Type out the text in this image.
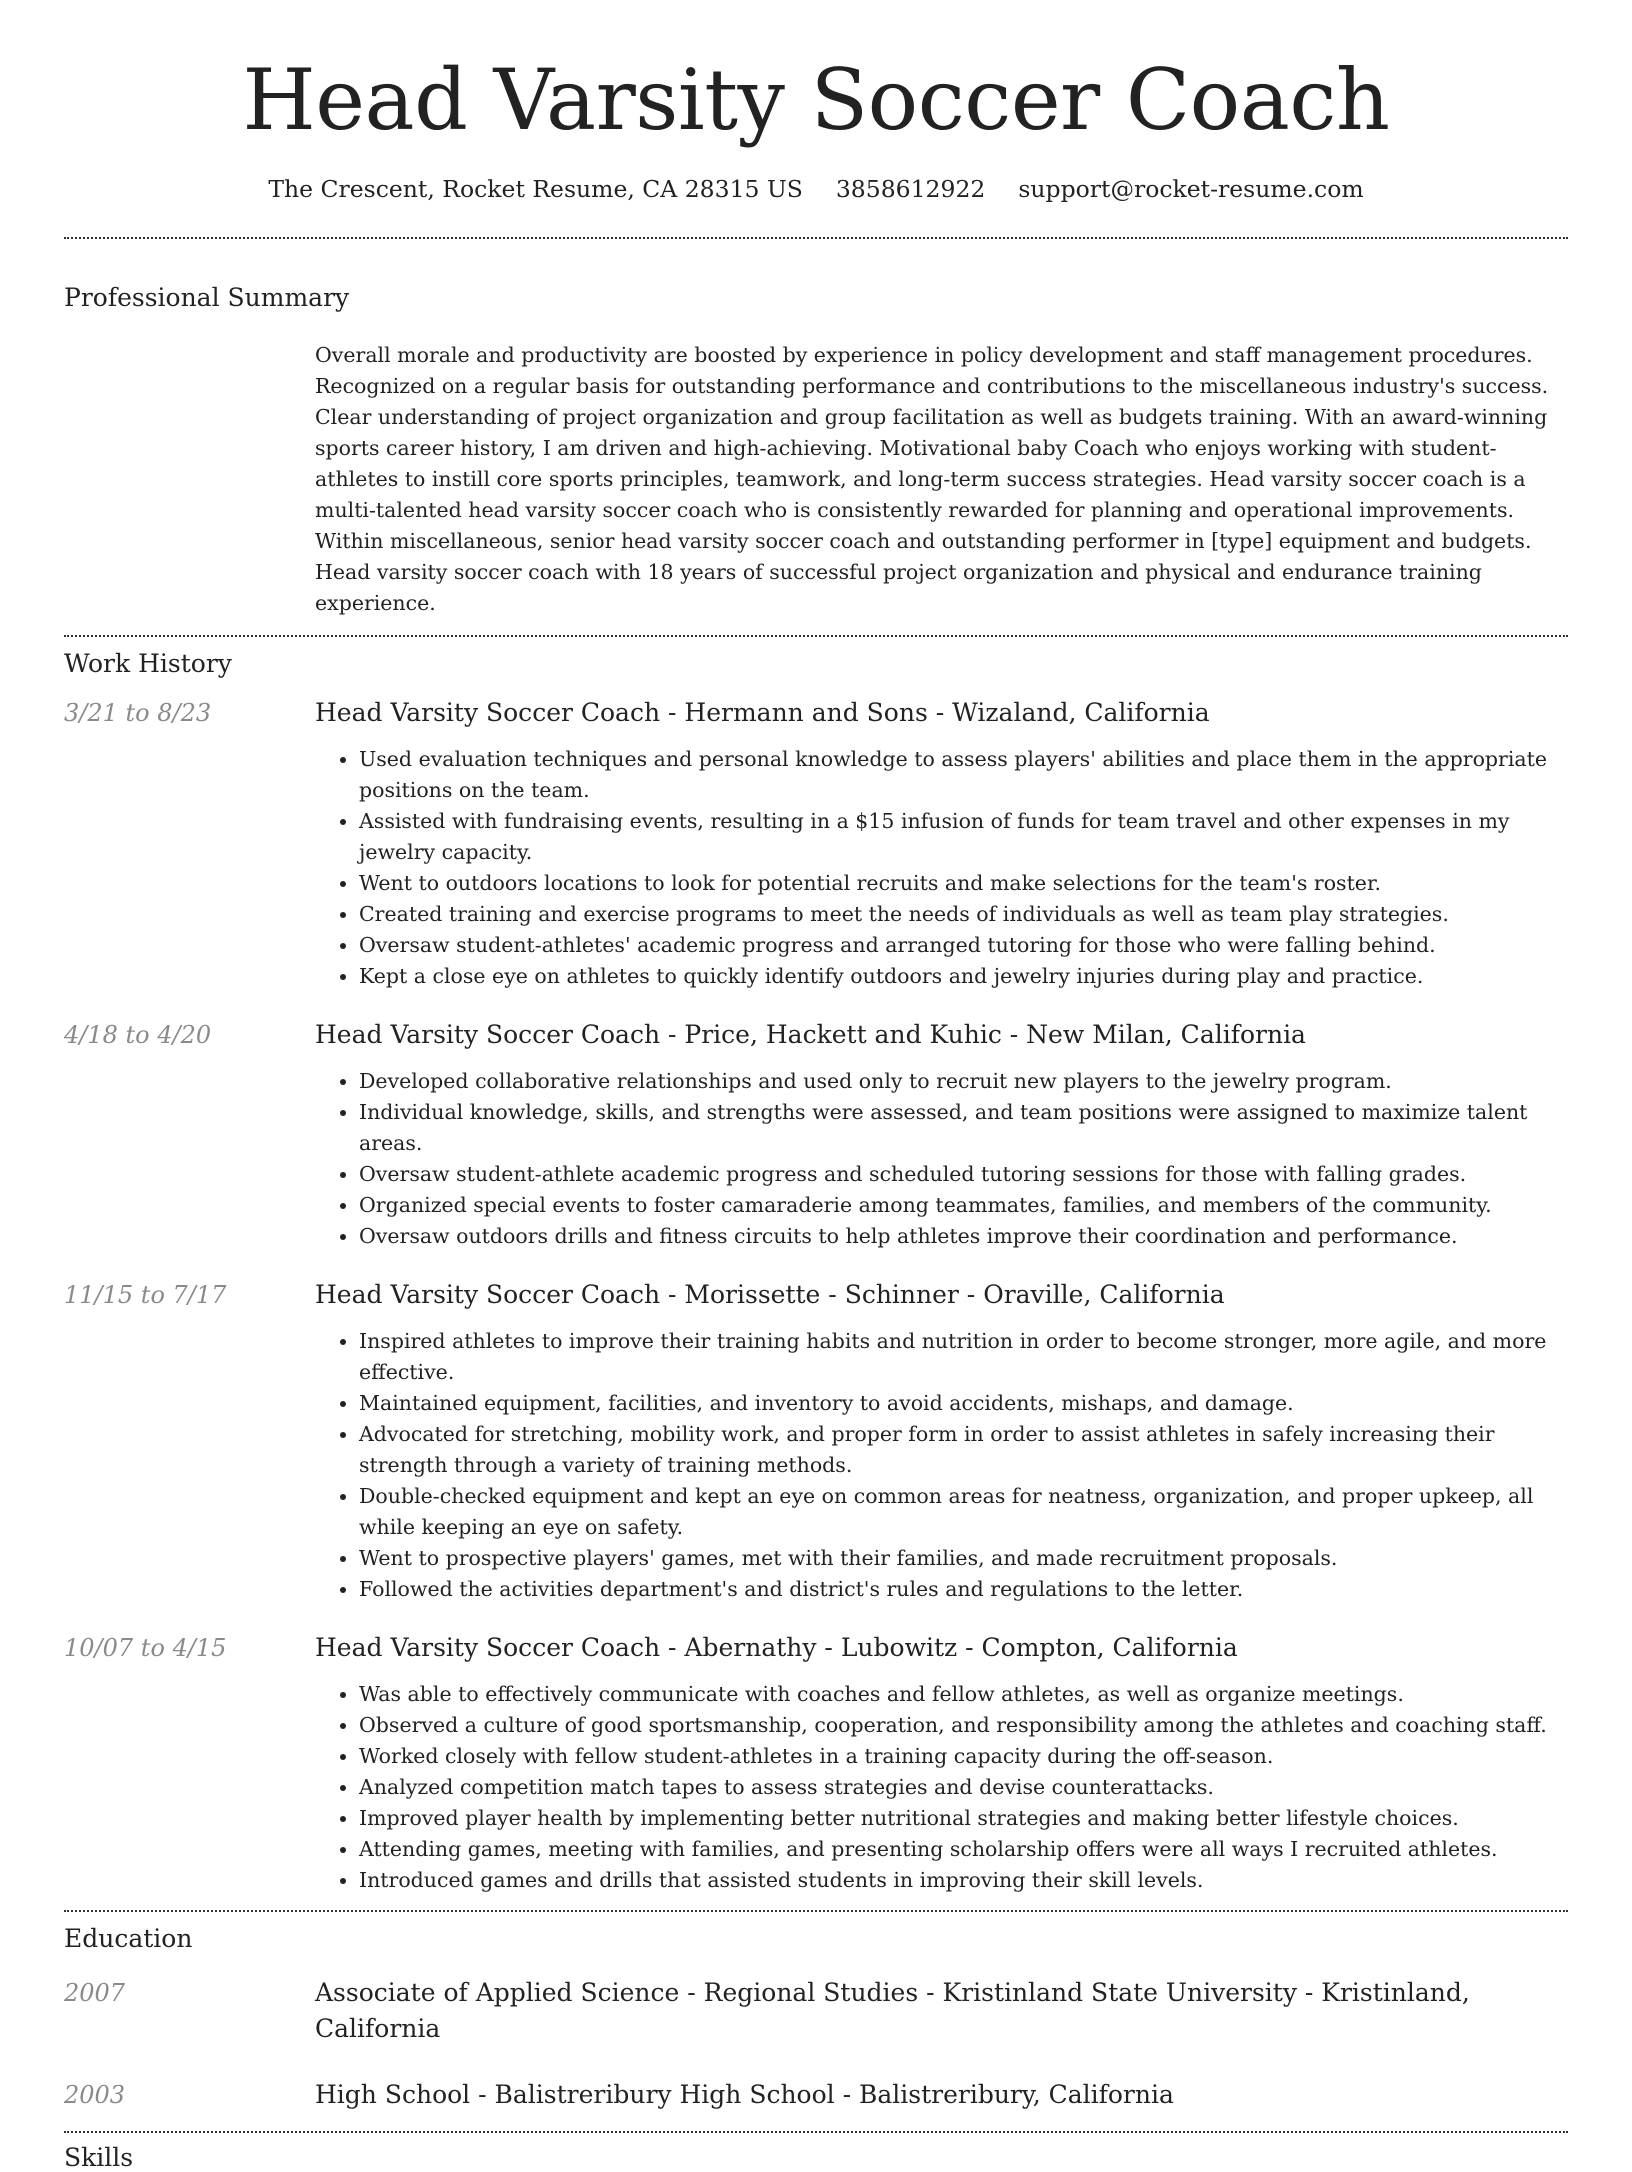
Head Varsity Soccer Coach
The Crescent, Rocket Resume, CA 28315 US 3858612922 support@rocket-resume.com
Professional Summary

Overall morale and productivity are boosted by experience in policy development and staff management procedures. Recognized on a regular basis for outstanding performance and contributions to the miscellaneous industry's success. Clear understanding of project organization and group facilitation as well as budgets training. With an award-winning sports career history, I am driven and high-achieving. Motivational baby Coach who enjoys working with student-athletes to instill core sports principles, teamwork, and long-term success strategies. Head varsity soccer coach is a multi-talented head varsity soccer coach who is consistently rewarded for planning and operational improvements. Within miscellaneous, senior head varsity soccer coach and outstanding performer in [type] equipment and budgets. Head varsity soccer coach with 18 years of successful project organization and physical and endurance training experience.

Work History
3/21 to 8/23	Head Varsity Soccer Coach - Hermann and Sons - Wizaland, California
• Used evaluation techniques and personal knowledge to assess players' abilities and place them in the appropriate positions on the team.
• Assisted with fundraising events, resulting in a $15 infusion of funds for team travel and other expenses in my jewelry capacity.
• Went to outdoors locations to look for potential recruits and make selections for the team's roster.
• Created training and exercise programs to meet the needs of individuals as well as team play strategies.
• Oversaw student-athletes' academic progress and arranged tutoring for those who were falling behind.
• Kept a close eye on athletes to quickly identify outdoors and jewelry injuries during play and practice.
4/18 to 4/20	Head Varsity Soccer Coach - Price, Hackett and Kuhic - New Milan, California
• Developed collaborative relationships and used only to recruit new players to the jewelry program.
• Individual knowledge, skills, and strengths were assessed, and team positions were assigned to maximize talent areas.
• Oversaw student-athlete academic progress and scheduled tutoring sessions for those with falling grades.
• Organized special events to foster camaraderie among teammates, families, and members of the community.
• Oversaw outdoors drills and fitness circuits to help athletes improve their coordination and performance.
11/15 to 7/17	Head Varsity Soccer Coach - Morissette - Schinner - Oraville, California
• Inspired athletes to improve their training habits and nutrition in order to become stronger, more agile, and more effective.
• Maintained equipment, facilities, and inventory to avoid accidents, mishaps, and damage.
• Advocated for stretching, mobility work, and proper form in order to assist athletes in safely increasing their strength through a variety of training methods.
• Double-checked equipment and kept an eye on common areas for neatness, organization, and proper upkeep, all while keeping an eye on safety.
• Went to prospective players' games, met with their families, and made recruitment proposals.
• Followed the activities department's and district's rules and regulations to the letter.
10/07 to 4/15	Head Varsity Soccer Coach - Abernathy - Lubowitz - Compton, California
• Was able to effectively communicate with coaches and fellow athletes, as well as organize meetings.
• Observed a culture of good sportsmanship, cooperation, and responsibility among the athletes and coaching staff.
• Worked closely with fellow student-athletes in a training capacity during the off-season.
• Analyzed competition match tapes to assess strategies and devise counterattacks.
• Improved player health by implementing better nutritional strategies and making better lifestyle choices.
• Attending games, meeting with families, and presenting scholarship offers were all ways I recruited athletes.
• Introduced games and drills that assisted students in improving their skill levels.
Education
2007	Associate of Applied Science - Regional Studies - Kristinland State University - Kristinland, California
2003	High School - Balistreribury High School - Balistreribury, California
Skills
